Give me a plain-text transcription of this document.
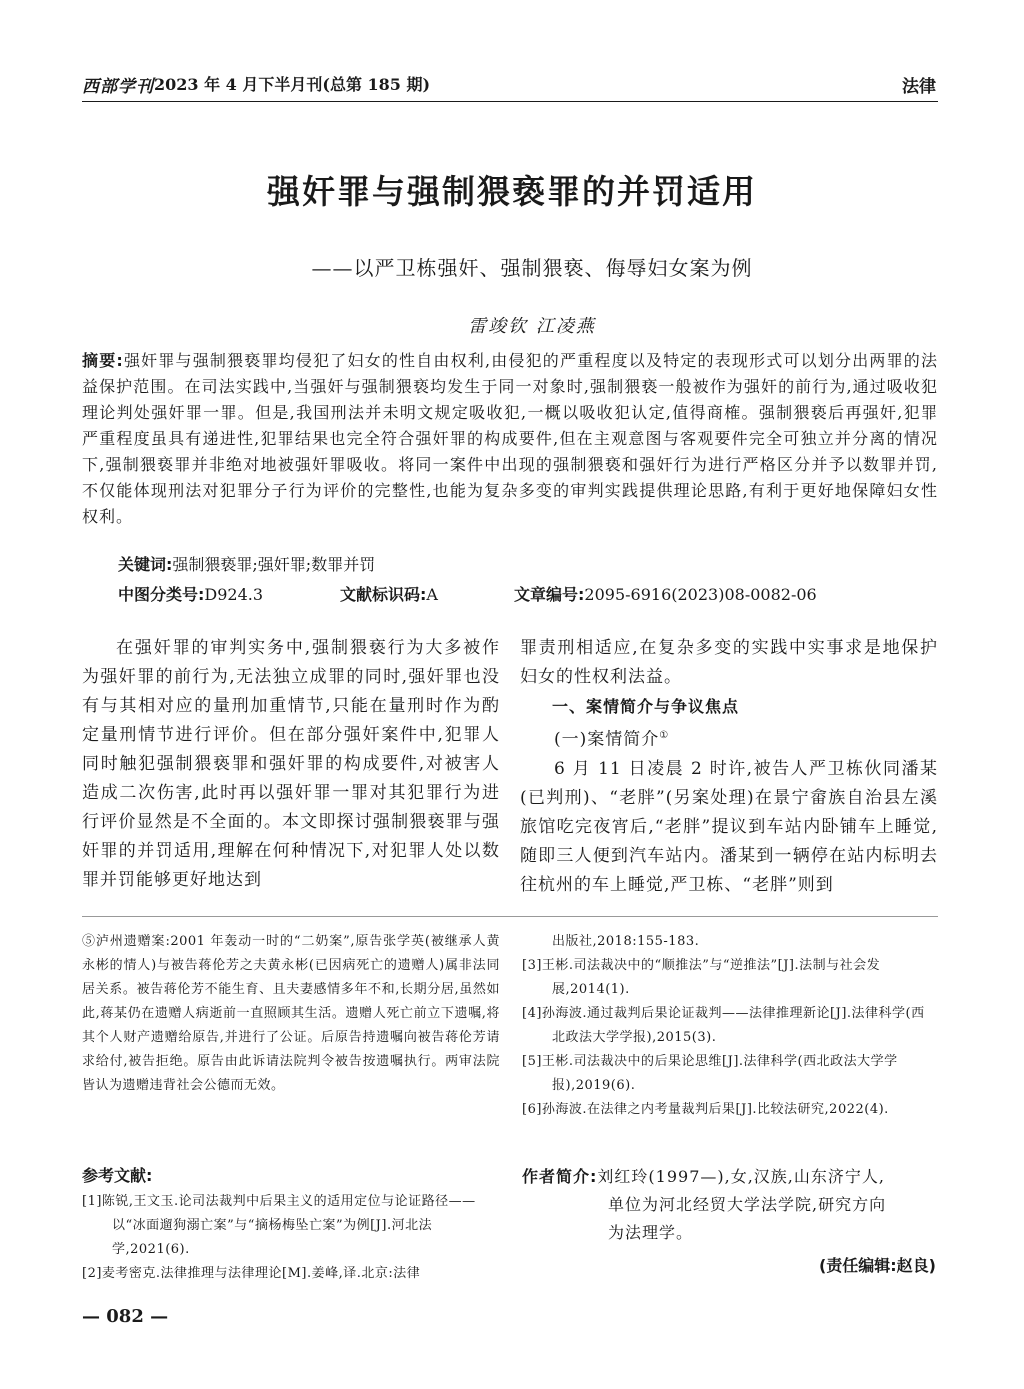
西部学刊 2023 年 4 月下半月刊(总第 185 期)	法律
强奸罪与强制猥亵罪的并罚适用
——以严卫栋强奸、强制猥亵、侮辱妇女案为例
雷竣钦 江凌燕
摘要:强奸罪与强制猥亵罪均侵犯了妇女的性自由权利,由侵犯的严重程度以及特定的表现形式可以划分出两罪的法益保护范围。在司法实践中,当强奸与强制猥亵均发生于同一对象时,强制猥亵一般被作为强奸的前行为,通过吸收犯理论判处强奸罪一罪。但是,我国刑法并未明文规定吸收犯,一概以吸收犯认定,值得商榷。强制猥亵后再强奸,犯罪严重程度虽具有递进性,犯罪结果也完全符合强奸罪的构成要件,但在主观意图与客观要件完全可独立并分离的情况下,强制猥亵罪并非绝对地被强奸罪吸收。将同一案件中出现的强制猥亵和强奸行为进行严格区分并予以数罪并罚,不仅能体现刑法对犯罪分子行为评价的完整性,也能为复杂多变的审判实践提供理论思路,有利于更好地保障妇女性权利。
关键词:强制猥亵罪;强奸罪;数罪并罚
中图分类号:D924.3	文献标识码:A	文章编号:2095-6916(2023)08-0082-06

在强奸罪的审判实务中,强制猥亵行为大多被作为强奸罪的前行为,无法独立成罪的同时,强奸罪也没有与其相对应的量刑加重情节,只能在量刑时作为酌定量刑情节进行评价。但在部分强奸案件中,犯罪人同时触犯强制猥亵罪和强奸罪的构成要件,对被害人造成二次伤害,此时再以强奸罪一罪对其犯罪行为进行评价显然是不全面的。本文即探讨强制猥亵罪与强奸罪的并罚适用,理解在何种情况下,对犯罪人处以数罪并罚能够更好地达到

罪责刑相适应,在复杂多变的实践中实事求是地保护妇女的性权利法益。

一、案情简介与争议焦点

(一)案情简介①

6 月 11 日凌晨 2 时许,被告人严卫栋伙同潘某(已判刑)、“老胖”(另案处理)在景宁畲族自治县左溪旅馆吃完夜宵后,“老胖”提议到车站内卧铺车上睡觉,随即三人便到汽车站内。潘某到一辆停在站内标明去往杭州的车上睡觉,严卫栋、“老胖”则到

⑤泸州遗赠案:2001 年轰动一时的“二奶案”,原告张学英(被继承人黄永彬的情人)与被告蒋伦芳之夫黄永彬(已因病死亡的遗赠人)属非法同居关系。被告蒋伦芳不能生育、且夫妻感情多年不和,长期分居,虽然如此,蒋某仍在遗赠人病逝前一直照顾其生活。遗赠人死亡前立下遗嘱,将其个人财产遗赠给原告,并进行了公证。后原告持遗嘱向被告蒋伦芳请求给付,被告拒绝。原告由此诉请法院判令被告按遗嘱执行。两审法院皆认为遗赠违背社会公德而无效。

出版社,2018:155-183.

[3]王彬.司法裁决中的“顺推法”与“逆推法”[J].法制与社会发展,2014(1).

[4]孙海波.通过裁判后果论证裁判——法律推理新论[J].法律科学(西北政法大学学报),2015(3).

[5]王彬.司法裁决中的后果论思维[J].法律科学(西北政法大学学报),2019(6).

[6]孙海波.在法律之内考量裁判后果[J].比较法研究,2022(4).

参考文献:

[1]陈锐,王文玉.论司法裁判中后果主义的适用定位与论证路径——以“冰面遛狗溺亡案”与“摘杨梅坠亡案”为例[J].河北法学,2021(6).

[2]麦考密克.法律推理与法律理论[M].姜峰,译.北京:法律

作者简介:刘红玲(1997—),女,汉族,山东济宁人,
单位为河北经贸大学法学院,研究方向
为法理学。
(责任编辑:赵良)
— 082 —
